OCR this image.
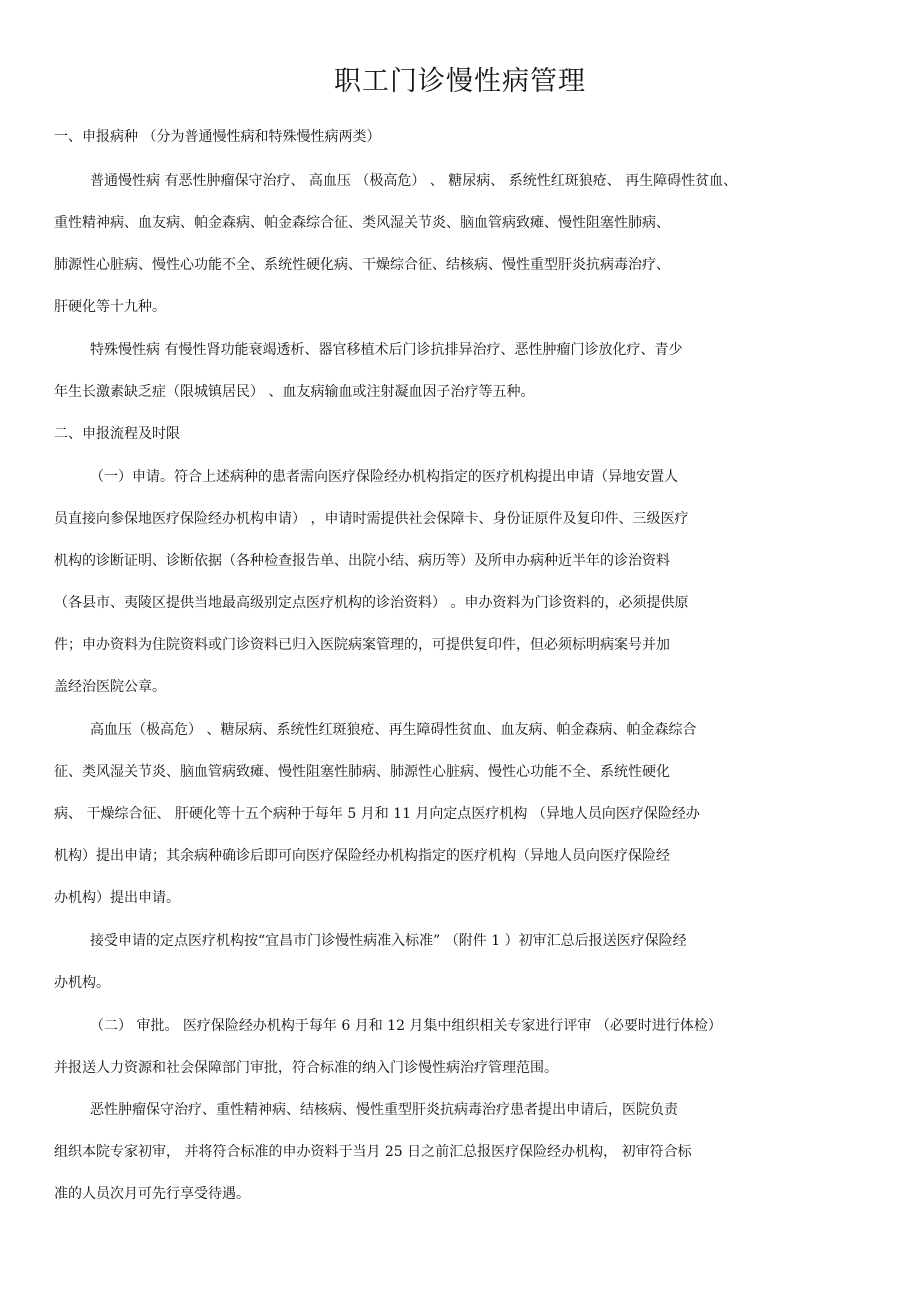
职工门诊慢性病管理
一、申报病种 （分为普通慢性病和特殊慢性病两类）
普通慢性病 有恶性肿瘤保守治疗、 高血压 （极高危） 、 糖尿病、 系统性红斑狼疮、 再生障碍性贫血、
重性精神病、血友病、帕金森病、帕金森综合征、类风湿关节炎、脑血管病致瘫、慢性阻塞性肺病、
肺源性心脏病、慢性心功能不全、系统性硬化病、干燥综合征、结核病、慢性重型肝炎抗病毒治疗、
肝硬化等十九种。
特殊慢性病 有慢性肾功能衰竭透析、器官移植术后门诊抗排异治疗、恶性肿瘤门诊放化疗、青少
年生长激素缺乏症（限城镇居民） 、血友病输血或注射凝血因子治疗等五种。
二、申报流程及时限
（一）申请。符合上述病种的患者需向医疗保险经办机构指定的医疗机构提出申请（异地安置人
员直接向参保地医疗保险经办机构申请） ，申请时需提供社会保障卡、身份证原件及复印件、三级医疗
机构的诊断证明、诊断依据（各种检查报告单、出院小结、病历等）及所申办病种近半年的诊治资料
（各县市、夷陵区提供当地最高级别定点医疗机构的诊治资料） 。申办资料为门诊资料的，必须提供原
件；申办资料为住院资料或门诊资料已归入医院病案管理的，可提供复印件，但必须标明病案号并加
盖经治医院公章。
高血压（极高危） 、糖尿病、系统性红斑狼疮、再生障碍性贫血、血友病、帕金森病、帕金森综合
征、类风湿关节炎、脑血管病致瘫、慢性阻塞性肺病、肺源性心脏病、慢性心功能不全、系统性硬化
病、 干燥综合征、 肝硬化等十五个病种于每年 5 月和 11 月向定点医疗机构 （异地人员向医疗保险经办
机构）提出申请；其余病种确诊后即可向医疗保险经办机构指定的医疗机构（异地人员向医疗保险经
办机构）提出申请。
接受申请的定点医疗机构按“宜昌市门诊慢性病准入标准” （附件 1 ）初审汇总后报送医疗保险经
办机构。
（二） 审批。 医疗保险经办机构于每年 6 月和 12 月集中组织相关专家进行评审 （必要时进行体检）
并报送人力资源和社会保障部门审批，符合标准的纳入门诊慢性病治疗管理范围。
恶性肿瘤保守治疗、重性精神病、结核病、慢性重型肝炎抗病毒治疗患者提出申请后，医院负责
组织本院专家初审， 并将符合标准的申办资料于当月 25 日之前汇总报医疗保险经办机构， 初审符合标
准的人员次月可先行享受待遇。
